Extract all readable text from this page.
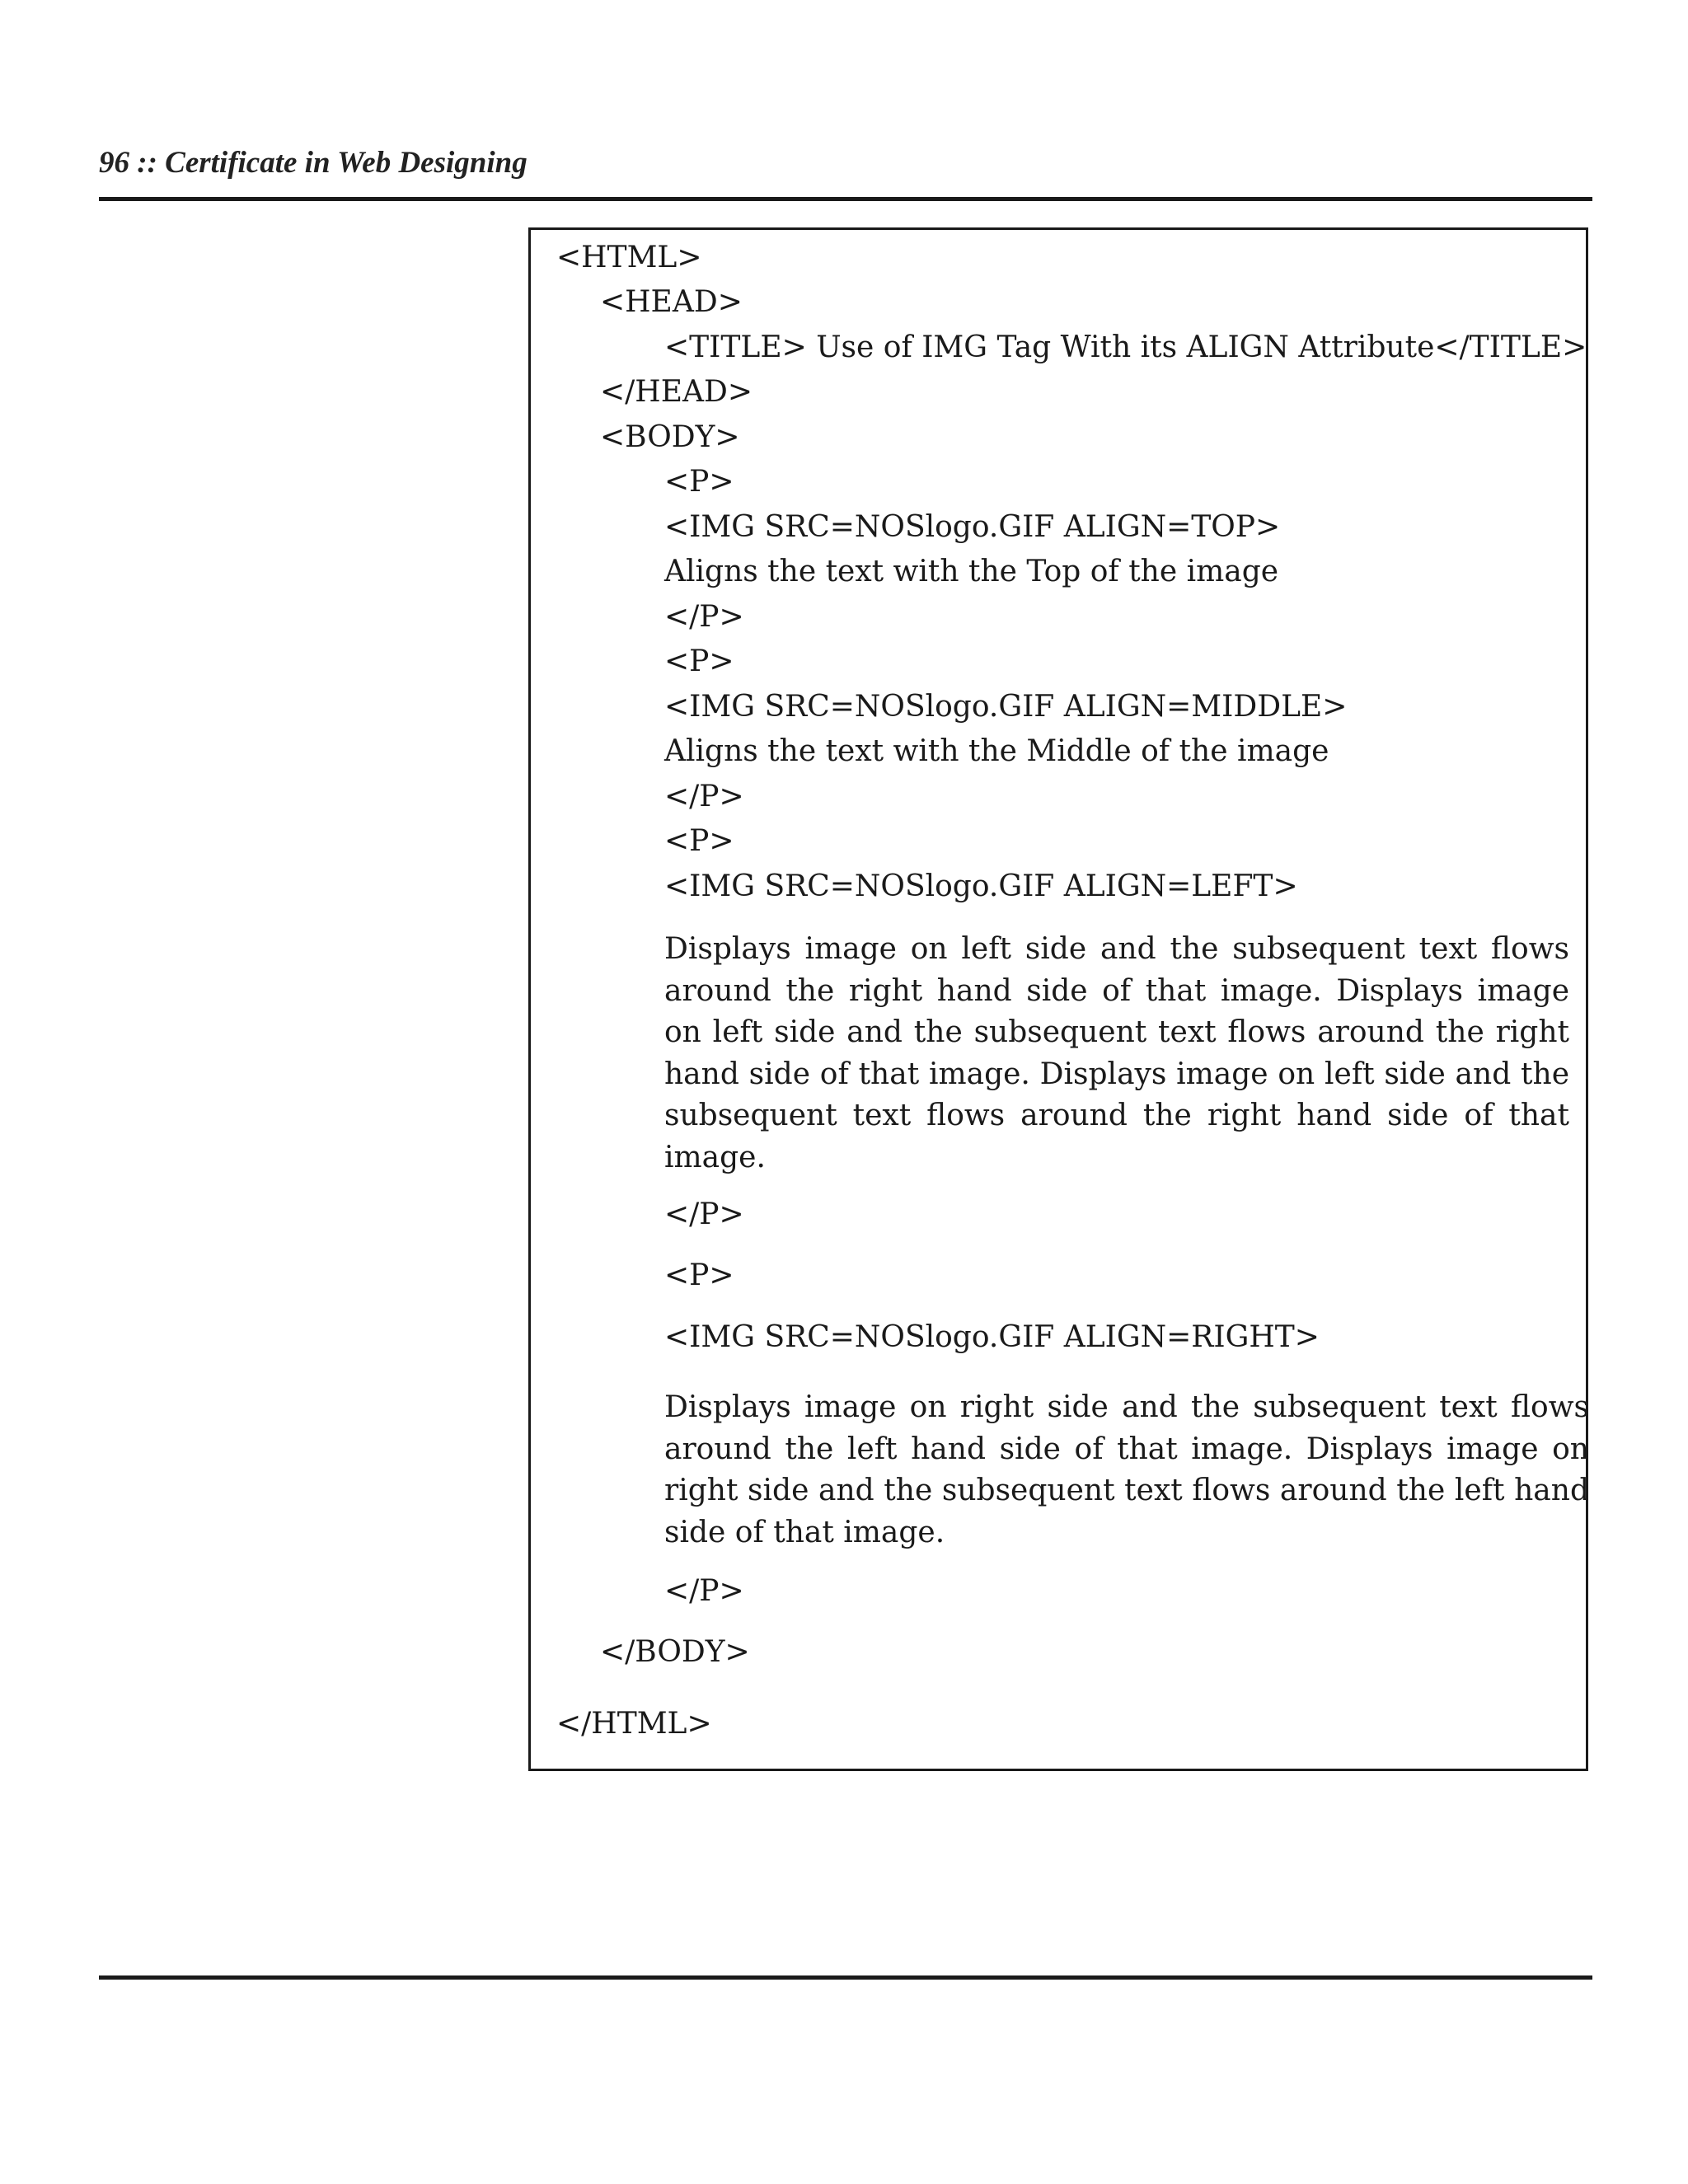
96 :: Certificate in Web Designing
<HTML>
<HEAD>
<TITLE> Use of IMG Tag With its ALIGN Attribute</TITLE>
</HEAD>
<BODY>
<P>
<IMG SRC=NOSlogo.GIF ALIGN=TOP>
Aligns the text with the Top of the image
</P>
<P>
<IMG SRC=NOSlogo.GIF ALIGN=MIDDLE>
Aligns the text with the Middle of the image
</P>
<P>
<IMG SRC=NOSlogo.GIF ALIGN=LEFT>
Displays image on left side and the subsequent text flows around the right hand side of that image. Displays image on left side and the subsequent text flows around the right hand side of that image. Displays image on left side and the subsequent text flows around the right hand side of that image.
</P>
<P>
<IMG SRC=NOSlogo.GIF ALIGN=RIGHT>
Displays image on right side and the subsequent text flows around the left hand side of that image. Displays image on right side and the subsequent text flows around the left hand side of that image.
</P>
</BODY>
</HTML>
